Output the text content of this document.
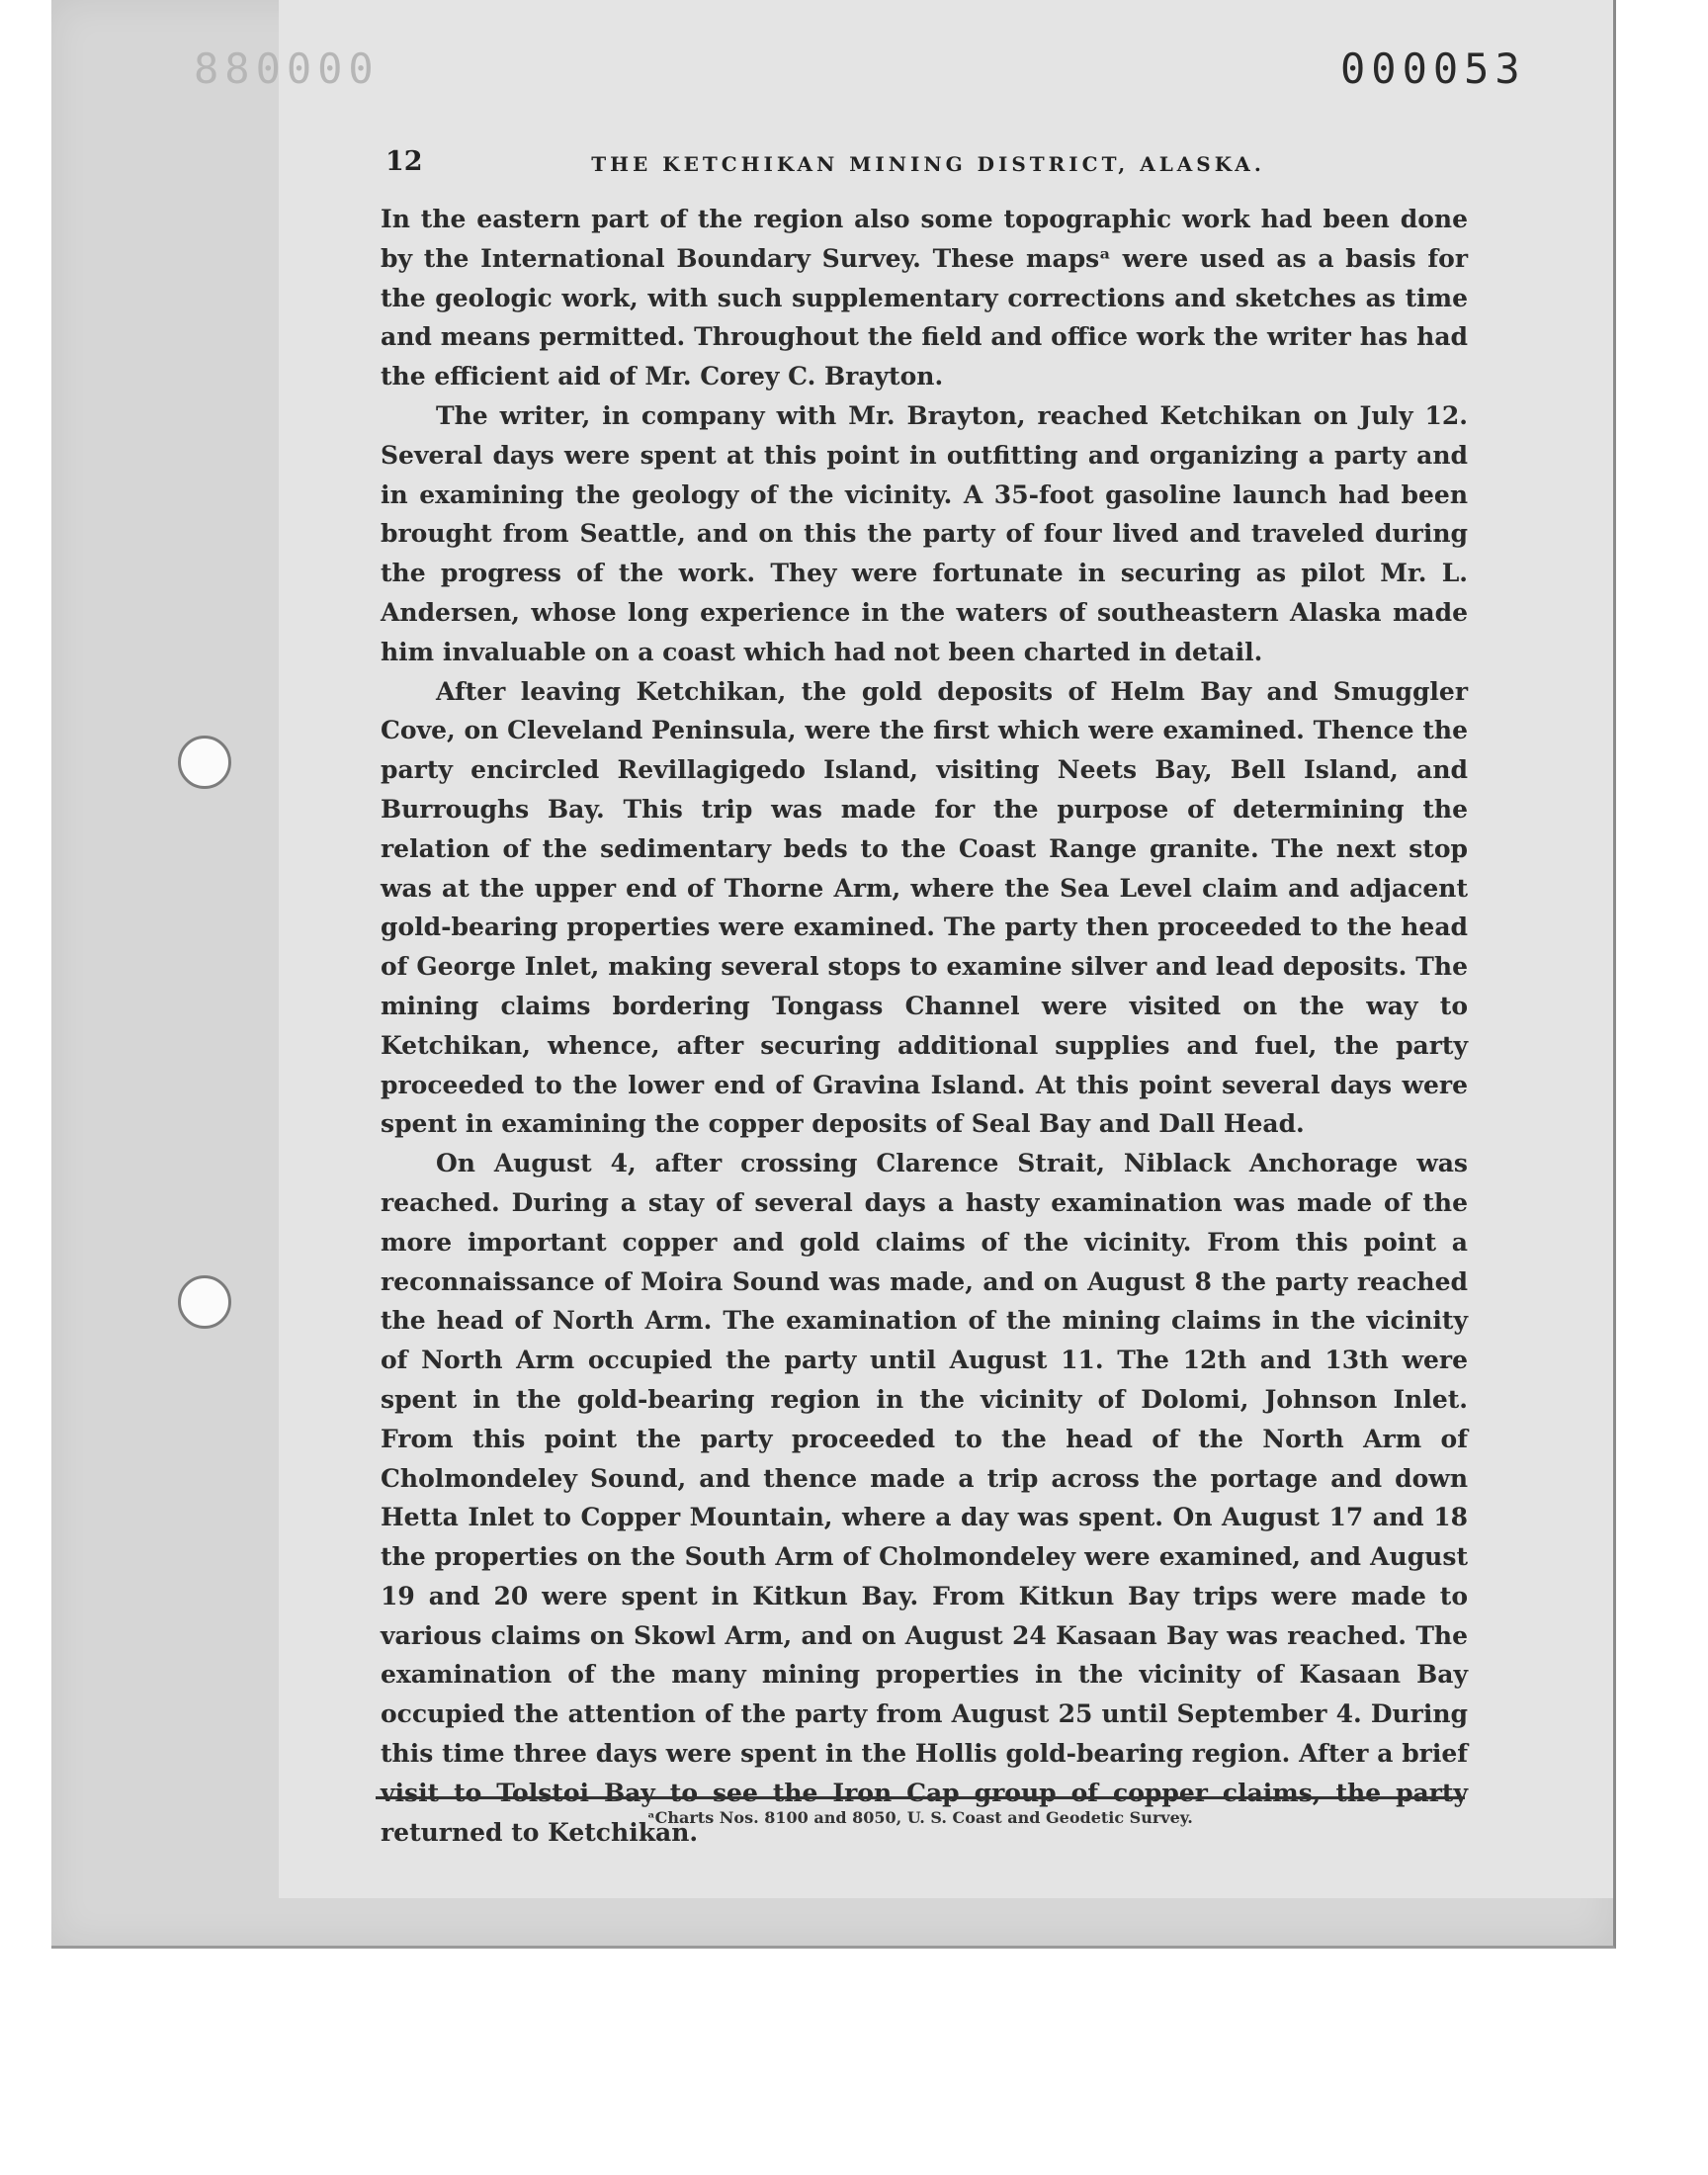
880000	000053
12	THE KETCHIKAN MINING DISTRICT, ALASKA.

In the eastern part of the region also some topographic work had been done by the International Boundary Survey. These mapsᵃ were used as a basis for the geologic work, with such supplementary corrections and sketches as time and means permitted. Throughout the field and office work the writer has had the efficient aid of Mr. Corey C. Brayton.

The writer, in company with Mr. Brayton, reached Ketchikan on July 12. Several days were spent at this point in outfitting and organizing a party and in examining the geology of the vicinity. A 35-foot gasoline launch had been brought from Seattle, and on this the party of four lived and traveled during the progress of the work. They were fortunate in securing as pilot Mr. L. Andersen, whose long experience in the waters of southeastern Alaska made him invaluable on a coast which had not been charted in detail.

After leaving Ketchikan, the gold deposits of Helm Bay and Smuggler Cove, on Cleveland Peninsula, were the first which were examined. Thence the party encircled Revillagigedo Island, visiting Neets Bay, Bell Island, and Burroughs Bay. This trip was made for the purpose of determining the relation of the sedimentary beds to the Coast Range granite. The next stop was at the upper end of Thorne Arm, where the Sea Level claim and adjacent gold-bearing properties were examined. The party then proceeded to the head of George Inlet, making several stops to examine silver and lead deposits. The mining claims bordering Tongass Channel were visited on the way to Ketchikan, whence, after securing additional supplies and fuel, the party proceeded to the lower end of Gravina Island. At this point several days were spent in examining the copper deposits of Seal Bay and Dall Head.

On August 4, after crossing Clarence Strait, Niblack Anchorage was reached. During a stay of several days a hasty examination was made of the more important copper and gold claims of the vicinity. From this point a reconnaissance of Moira Sound was made, and on August 8 the party reached the head of North Arm. The examination of the mining claims in the vicinity of North Arm occupied the party until August 11. The 12th and 13th were spent in the gold-bearing region in the vicinity of Dolomi, Johnson Inlet. From this point the party proceeded to the head of the North Arm of Cholmondeley Sound, and thence made a trip across the portage and down Hetta Inlet to Copper Mountain, where a day was spent. On August 17 and 18 the properties on the South Arm of Cholmondeley were examined, and August 19 and 20 were spent in Kitkun Bay. From Kitkun Bay trips were made to various claims on Skowl Arm, and on August 24 Kasaan Bay was reached. The examination of the many mining properties in the vicinity of Kasaan Bay occupied the attention of the party from August 25 until September 4. During this time three days were spent in the Hollis gold-bearing region. After a brief visit to Tolstoi Bay to see the Iron Cap group of copper claims, the party returned to Ketchikan.

ᵃCharts Nos. 8100 and 8050, U. S. Coast and Geodetic Survey.
